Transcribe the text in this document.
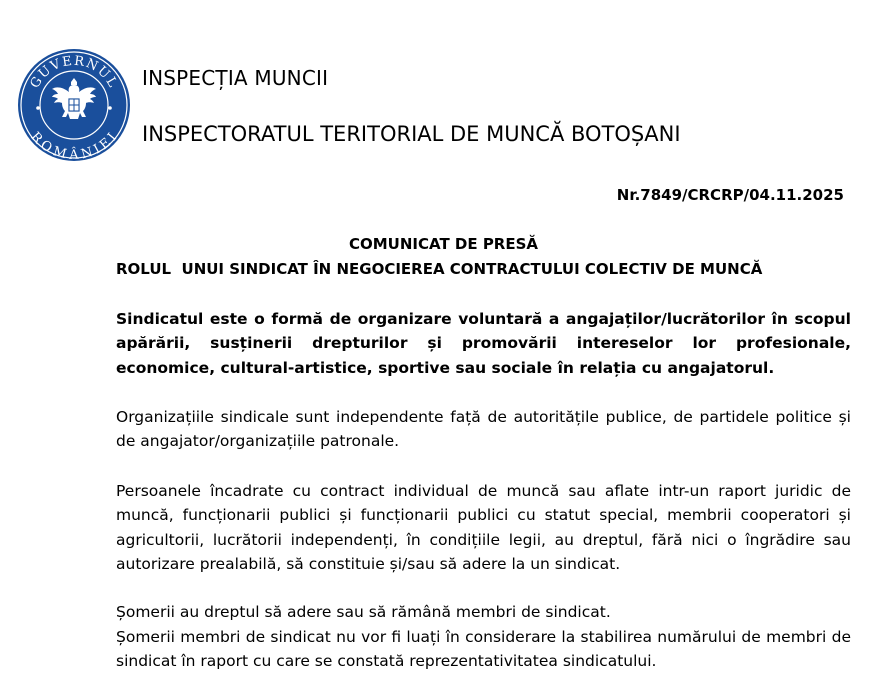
GUVERNUL
ROMÂNIEI
INSPECȚIA MUNCII
INSPECTORATUL TERITORIAL DE MUNCĂ BOTOȘANI
Nr.7849/CRCRP/04.11.2025
COMUNICAT DE PRESĂ
ROLUL  UNUI SINDICAT ÎN NEGOCIEREA CONTRACTULUI COLECTIV DE MUNCĂ
Sindicatul este o formă de organizare voluntară a angajaților/lucrătorilor în scopul apărării, susținerii drepturilor și promovării intereselor lor profesionale, economice, cultural-artistice, sportive sau sociale în relația cu angajatorul.
Organizațiile sindicale sunt independente față de autoritățile publice, de partidele politice și de angajator/organizațiile patronale.
Persoanele încadrate cu contract individual de muncă sau aflate intr-un raport juridic de muncă, funcționarii publici și funcționarii publici cu statut special, membrii cooperatori și agricultorii, lucrătorii independenți, în condițiile legii, au dreptul, fără nici o îngrădire sau autorizare prealabilă, să constituie și/sau să adere la un sindicat.
Șomerii au dreptul să adere sau să rămână membri de sindicat.
Șomerii membri de sindicat nu vor fi luați în considerare la stabilirea numărului de membri de sindicat în raport cu care se constată reprezentativitatea sindicatului.
